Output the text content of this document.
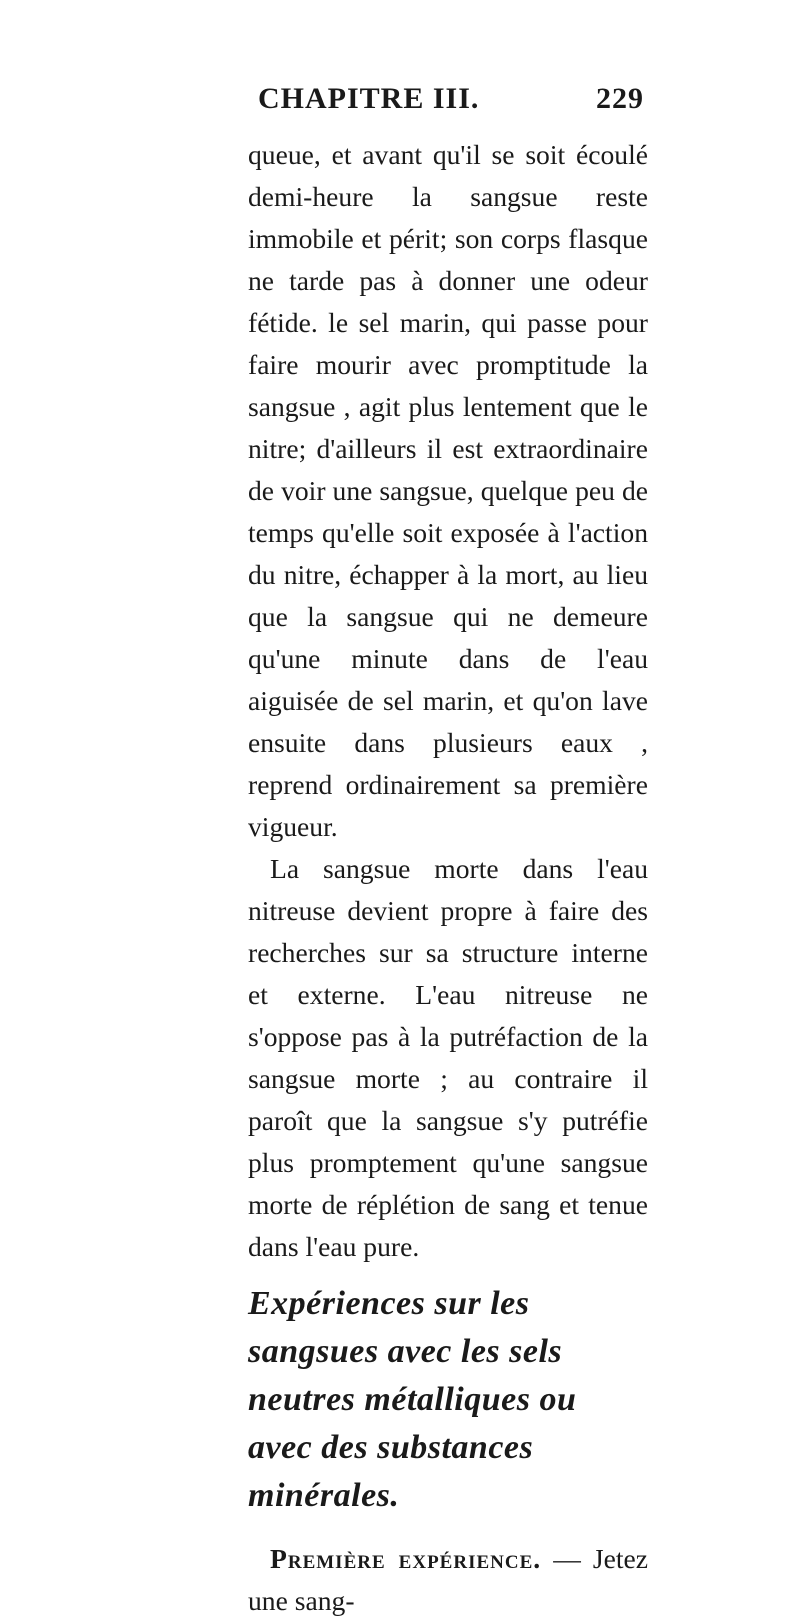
CHAPITRE III.	229

queue, et avant qu'il se soit écoulé demi-heure la sangsue reste immobile et périt; son corps flasque ne tarde pas à donner une odeur fétide. le sel marin, qui passe pour faire mourir avec promptitude la sangsue , agit plus lentement que le nitre; d'ailleurs il est extraordinaire de voir une sangsue, quelque peu de temps qu'elle soit exposée à l'action du nitre, échapper à la mort, au lieu que la sangsue qui ne demeure qu'une minute dans de l'eau aiguisée de sel marin, et qu'on lave ensuite dans plusieurs eaux , reprend ordinairement sa première vigueur.

La sangsue morte dans l'eau nitreuse devient propre à faire des recherches sur sa structure interne et externe. L'eau nitreuse ne s'oppose pas à la putréfaction de la sangsue morte ; au contraire il paroît que la sangsue s'y putréfie plus promptement qu'une sangsue morte de réplétion de sang et tenue dans l'eau pure.

Expériences sur les sangsues avec les sels neutres métalliques ou avec des substances minérales.

Première expérience. — Jetez une sang-
